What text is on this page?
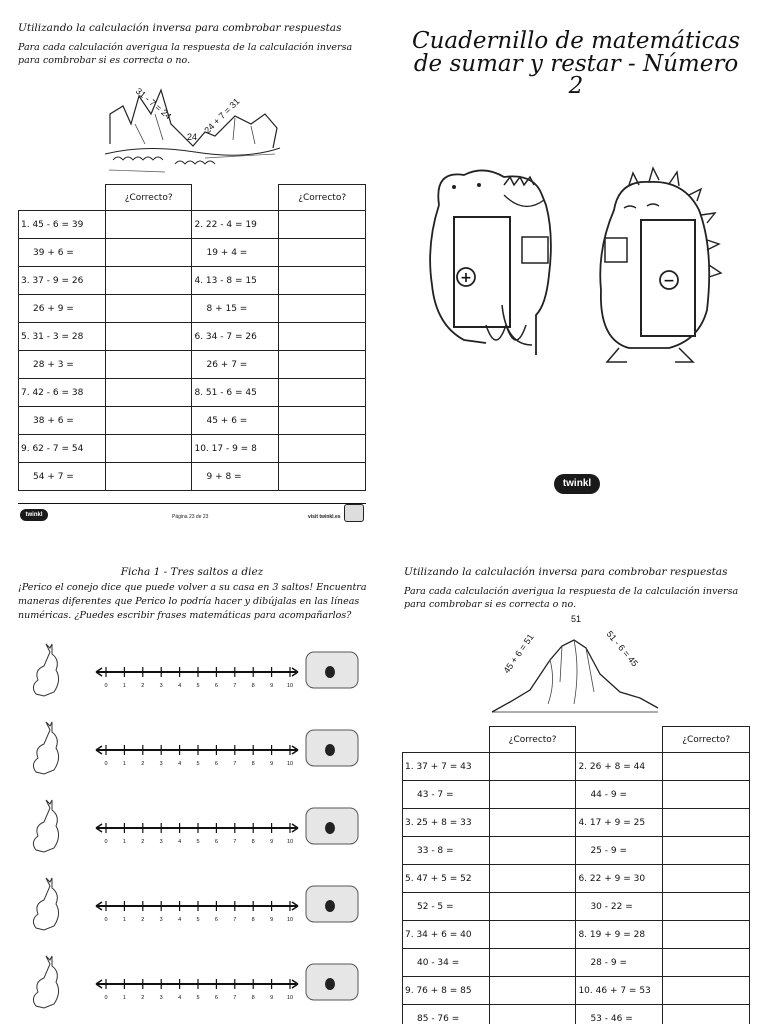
Utilizando la calculación inversa para combrobar respuestas
Para cada calculación averigua la respuesta de la calculación inversa
para combrobar si es correcta o no.
31 - 7 = 24	24 + 7 = 31
24
	¿Correcto?		¿Correcto?
1. 45 - 6 = 39		2. 22 - 4 = 19	
39 + 6 =		19 + 4 =	
3. 37 - 9 = 26		4. 13 - 8 = 15	
26 + 9 =		8 + 15 =	
5. 31 - 3 = 28		6. 34 - 7 = 26	
28 + 3 =		26 + 7 =	
7. 42 - 6 = 38		8. 51 - 6 = 45	
38 + 6 =		45 + 6 =	
9. 62 - 7 = 54		10. 17 - 9 = 8	
54 + 7 =		9 + 8 =	
twinkl	Página 23 de 23	visit twinkl.es
Cuadernillo de matemáticas
de sumar y restar - Número
2
+	−
twinkl
Ficha 1 - Tres saltos a diez
¡Perico el conejo dice que puede volver a su casa en 3 saltos! Encuentra
maneras diferentes que Perico lo podría hacer y dibújalas en las líneas
numéricas. ¿Puedes escribir frases matemáticas para acompañarlos?
0	1	2	3	4	5	6	7	8	9	10
0	1	2	3	4	5	6	7	8	9	10
0	1	2	3	4	5	6	7	8	9	10
0	1	2	3	4	5	6	7	8	9	10
0	1	2	3	4	5	6	7	8	9	10
Utilizando la calculación inversa para combrobar respuestas
Para cada calculación averigua la respuesta de la calculación inversa
para combrobar si es correcta o no.
51
45 + 6 = 51	51 - 6 = 45
	¿Correcto?		¿Correcto?
1. 37 + 7 = 43		2. 26 + 8 = 44	
43 - 7 =		44 - 9 =	
3. 25 + 8 = 33		4. 17 + 9 = 25	
33 - 8 =		25 - 9 =	
5. 47 + 5 = 52		6. 22 + 9 = 30	
52 - 5 =		30 - 22 =	
7. 34 + 6 = 40		8. 19 + 9 = 28	
40 - 34 =		28 - 9 =	
9. 76 + 8 = 85		10. 46 + 7 = 53	
85 - 76 =		53 - 46 =	
